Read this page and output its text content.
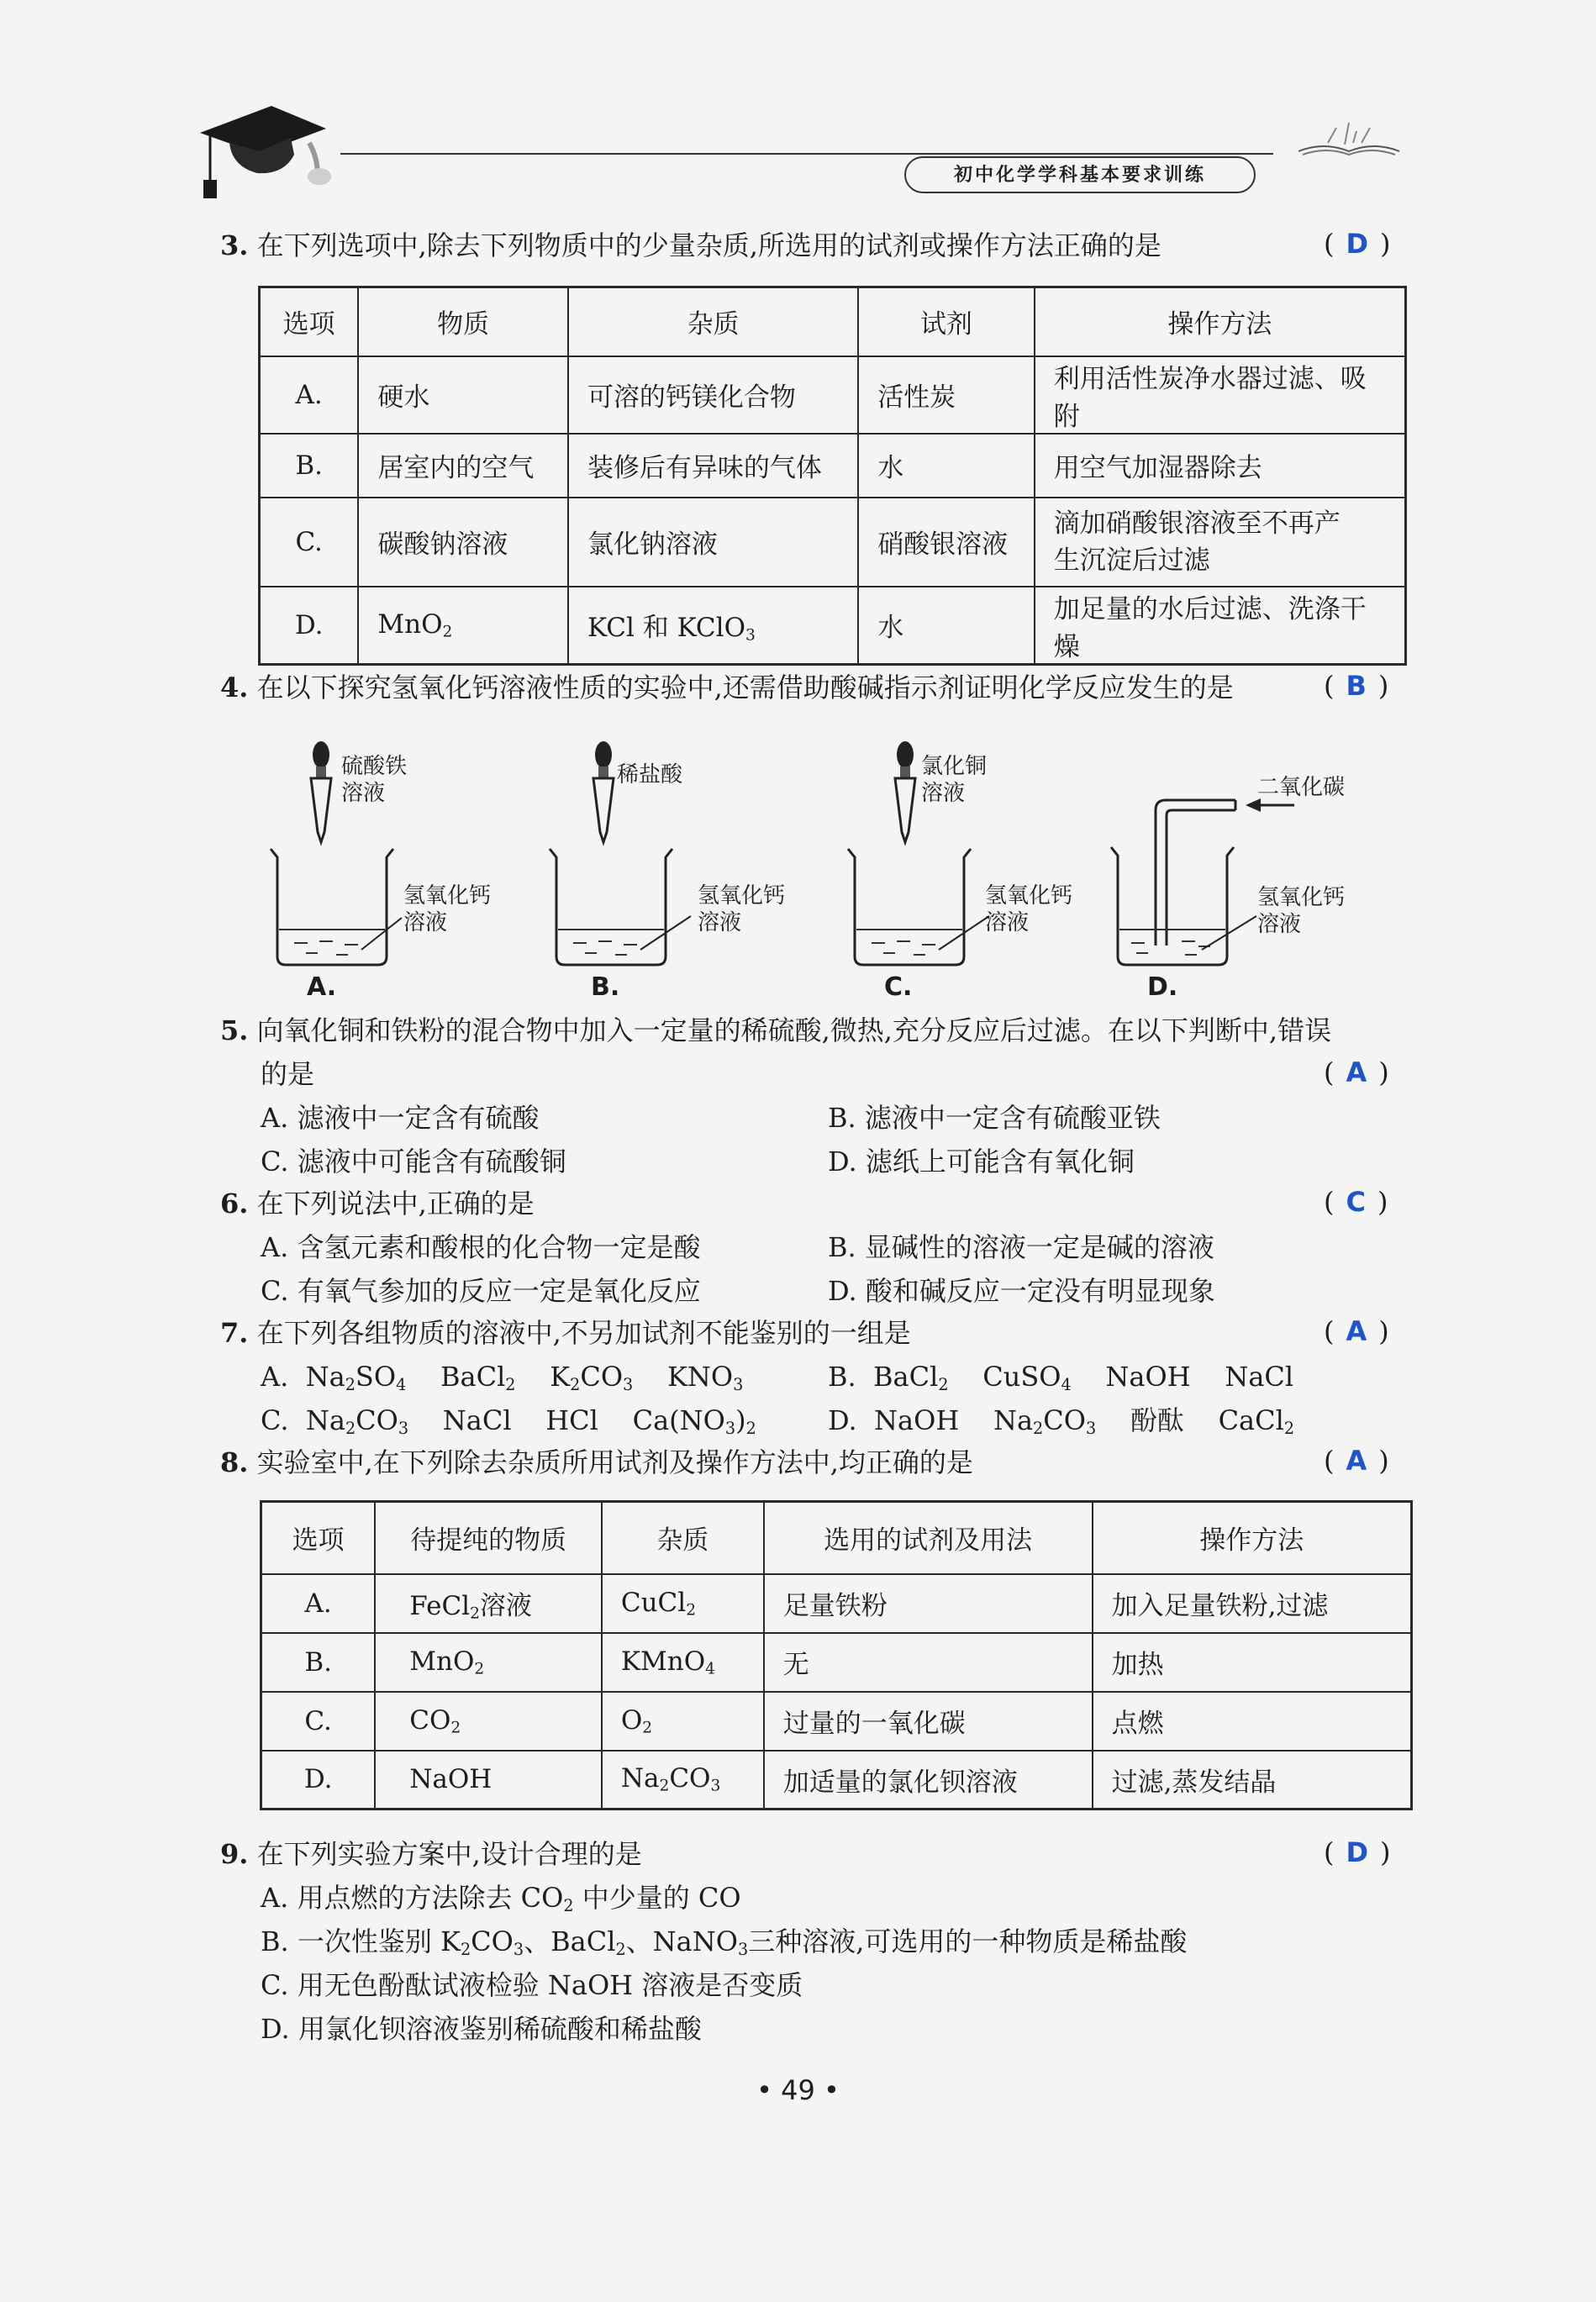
初中化学学科基本要求训练
3. 在下列选项中,除去下列物质中的少量杂质,所选用的试剂或操作方法正确的是	( D )
选项	物质	杂质	试剂	操作方法
A.	硬水	可溶的钙镁化合物	活性炭	利用活性炭净水器过滤、吸附
B.	居室内的空气	装修后有异味的气体	水	用空气加湿器除去
C.	碳酸钠溶液	氯化钠溶液	硝酸银溶液	滴加硝酸银溶液至不再产
生沉淀后过滤
D.	MnO$_2$	KCl 和 KClO$_3$	水	加足量的水后过滤、洗涤干燥
4. 在以下探究氢氧化钙溶液性质的实验中,还需借助酸碱指示剂证明化学反应发生的是	( B )
硫酸铁
溶液
氢氧化钙
溶液
A.
稀盐酸
氢氧化钙
溶液
B.
氯化铜
溶液
氢氧化钙
溶液
C.
二氧化碳
氢氧化钙
溶液
D.
5. 向氧化铜和铁粉的混合物中加入一定量的稀硫酸,微热,充分反应后过滤。在以下判断中,错误
的是	( A )
A. 滤液中一定含有硫酸	B. 滤液中一定含有硫酸亚铁
C. 滤液中可能含有硫酸铜	D. 滤纸上可能含有氧化铜
6. 在下列说法中,正确的是	( C )
A. 含氢元素和酸根的化合物一定是酸	B. 显碱性的溶液一定是碱的溶液
C. 有氧气参加的反应一定是氧化反应	D. 酸和碱反应一定没有明显现象
7. 在下列各组物质的溶液中,不另加试剂不能鉴别的一组是	( A )
A. $Na_2SO_4$ BaCl$_2$ $K_2CO_3$ $KNO_3$	B. BaCl$_2$ CuSO$_4$ NaOH NaCl
C. $Na_2CO_3$ NaCl HCl $Ca(NO_3)_2$	D. NaOH $Na_2CO_3$ 酚酞 CaCl$_2$
8. 实验室中,在下列除去杂质所用试剂及操作方法中,均正确的是	( A )
选项	待提纯的物质	杂质	选用的试剂及用法	操作方法
A.	FeCl$_2$溶液	CuCl$_2$	足量铁粉	加入足量铁粉,过滤
B.	MnO$_2$	KMnO$_4$	无	加热
C.	$CO_2$	$O_2$	过量的一氧化碳	点燃
D.	NaOH	$Na_2CO_3$	加适量的氯化钡溶液	过滤,蒸发结晶
9. 在下列实验方案中,设计合理的是	( D )
A. 用点燃的方法除去 $CO_2$ 中少量的 CO
B. 一次性鉴别 $K_2CO_3$、BaCl$_2$、NaNO$_3$三种溶液,可选用的一种物质是稀盐酸
C. 用无色酚酞试液检验 NaOH 溶液是否变质
D. 用氯化钡溶液鉴别稀硫酸和稀盐酸
• 49 •
